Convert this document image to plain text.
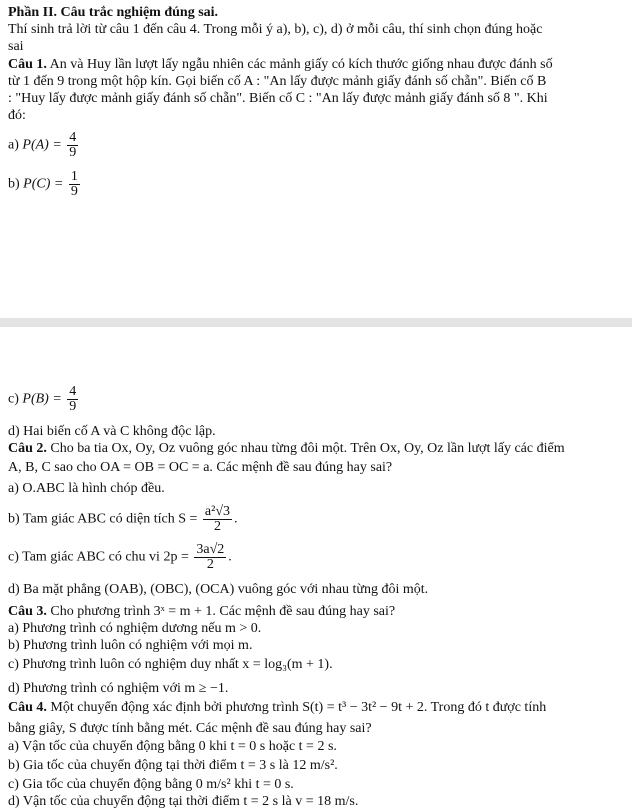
Phần II. Câu trắc nghiệm đúng sai.
Thí sinh trả lời từ câu 1 đến câu 4. Trong mỗi ý a), b), c), d) ở mỗi câu, thí sinh chọn đúng hoặc
sai
Câu 1. An và Huy lần lượt lấy ngẫu nhiên các mảnh giấy có kích thước giống nhau được đánh số
từ 1 đến 9 trong một hộp kín. Gọi biến cố A : "An lấy được mảnh giấy đánh số chẵn". Biến cố B
: "Huy lấy được mảnh giấy đánh số chẵn". Biến cố C : "An lấy được mảnh giấy đánh số 8 ". Khi
đó:
a) $P(A) = \frac{4}{9}$
b) $P(C) = \frac{1}{9}$
c) $P(B) = \frac{4}{9}$
d) Hai biến cố A và C không độc lập.
Câu 2. Cho ba tia Ox, Oy, Oz vuông góc nhau từng đôi một. Trên Ox, Oy, Oz lần lượt lấy các điểm
A, B, C sao cho OA = OB = OC = a. Các mệnh đề sau đúng hay sai?
a) O.ABC là hình chóp đều.
b) Tam giác ABC có diện tích $S = \frac{\text{a²√3}}{2}$ .
c) Tam giác ABC có chu vi $2p = \frac{3a√2}{2}$ .
d) Ba mặt phẳng (OAB), (OBC), (OCA) vuông góc với nhau từng đôi một.
Câu 3. Cho phương trình 3ˣ = m + 1. Các mệnh đề sau đúng hay sai?
a) Phương trình có nghiệm dương nếu m > 0.
b) Phương trình luôn có nghiệm với mọi m.
c) Phương trình luôn có nghiệm duy nhất x = log₃(m + 1).
d) Phương trình có nghiệm với m ≥ −1.
Câu 4. Một chuyển động xác định bởi phương trình S(t) = t³ − 3t² − 9t + 2. Trong đó t được tính
bằng giây, S được tính bằng mét. Các mệnh đề sau đúng hay sai?
a) Vận tốc của chuyển động bằng 0 khi t = 0 s hoặc t = 2 s.
b) Gia tốc của chuyển động tại thời điểm t = 3 s là 12 m/s².
c) Gia tốc của chuyển động bằng 0 m/s² khi t = 0 s.
d) Vận tốc của chuyển động tại thời điểm t = 2 s là v = 18 m/s.
